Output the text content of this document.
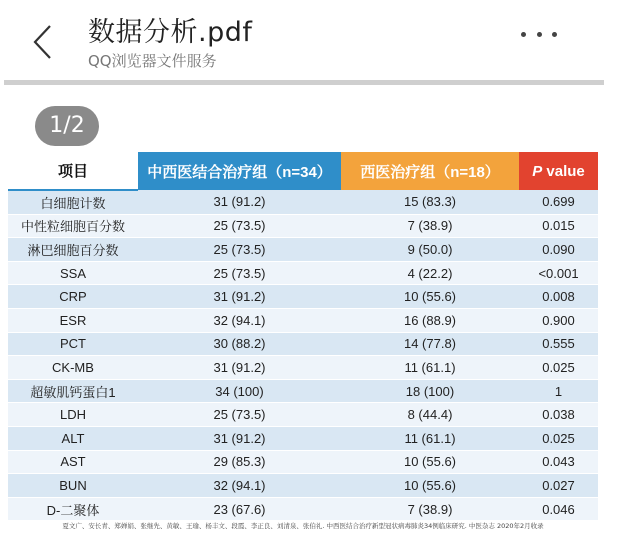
数据分析.pdf
QQ浏览器文件服务
1/2
项目	中西医结合治疗组（n=34）	西医治疗组（n=18）	P value
白细胞计数	31 (91.2)	15 (83.3)	0.699
中性粒细胞百分数	25 (73.5)	7 (38.9)	0.015
淋巴细胞百分数	25 (73.5)	9 (50.0)	0.090
SSA	25 (73.5)	4 (22.2)	<0.001
CRP	31 (91.2)	10 (55.6)	0.008
ESR	32 (94.1)	16 (88.9)	0.900
PCT	30 (88.2)	14 (77.8)	0.555
CK-MB	31 (91.2)	11 (61.1)	0.025
超敏肌钙蛋白1	34 (100)	18 (100)	1
LDH	25 (73.5)	8 (44.4)	0.038
ALT	31 (91.2)	11 (61.1)	0.025
AST	29 (85.3)	10 (55.6)	0.043
BUN	32 (94.1)	10 (55.6)	0.027
D-二聚体	23 (67.6)	7 (38.9)	0.046
夏文广、安长青、郑婵娟、张继先、黄敏、王瑜、杨丰文、段霞、李正良、刘清泉、张伯礼. 中西医结合治疗新型冠状病毒肺炎34例临床研究. 中医杂志 2020年2月收录
